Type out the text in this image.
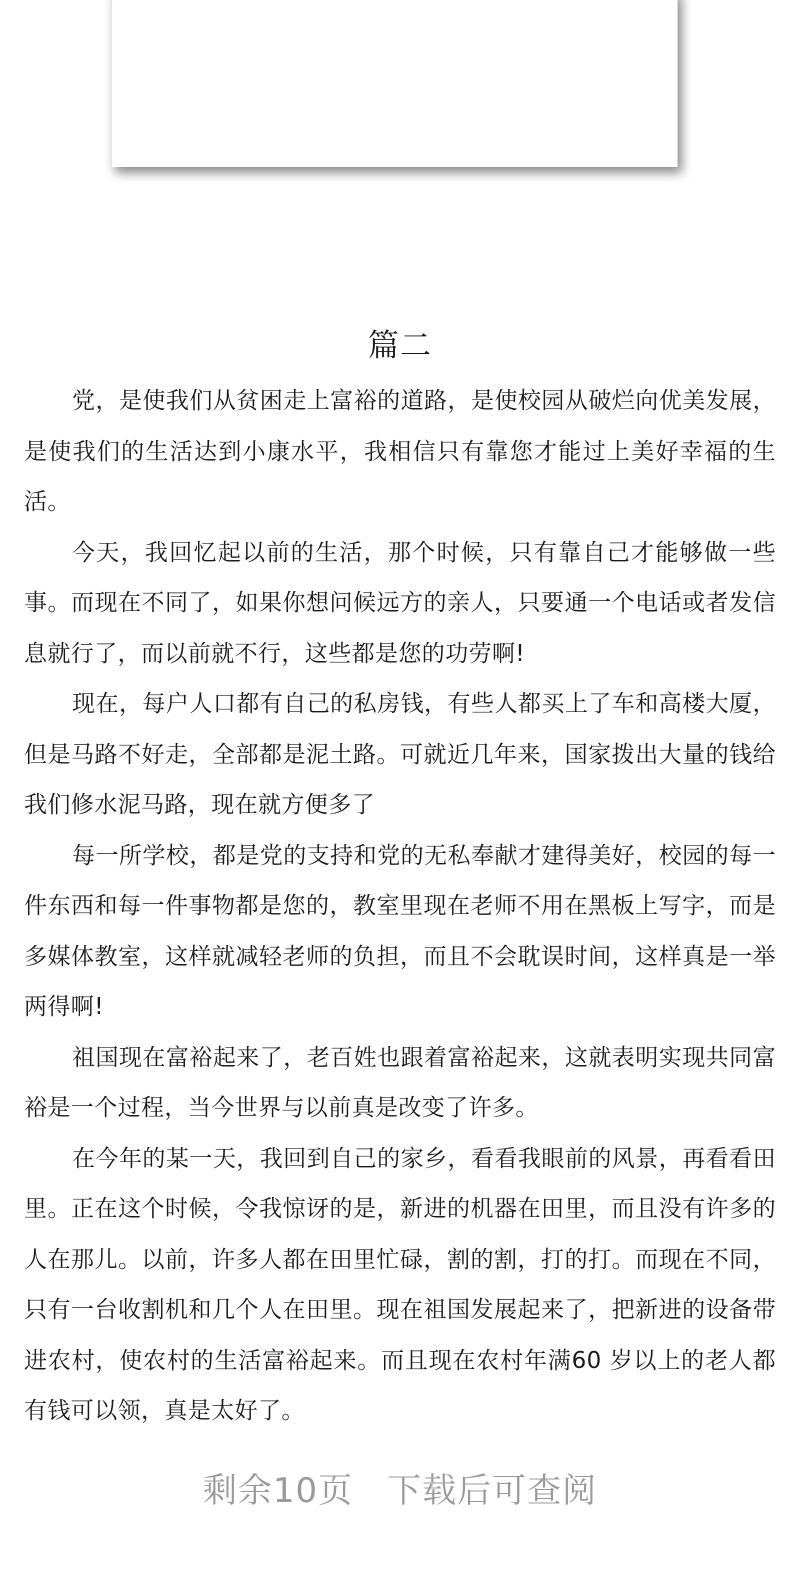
篇二

党，是使我们从贫困走上富裕的道路，是使校园从破烂向优美发展，是使我们的生活达到小康水平，我相信只有靠您才能过上美好幸福的生活。

今天，我回忆起以前的生活，那个时候，只有靠自己才能够做一些事。而现在不同了，如果你想问候远方的亲人，只要通一个电话或者发信息就行了，而以前就不行，这些都是您的功劳啊!

现在，每户人口都有自己的私房钱，有些人都买上了车和高楼大厦，但是马路不好走，全部都是泥土路。可就近几年来，国家拨出大量的钱给我们修水泥马路，现在就方便多了

每一所学校，都是党的支持和党的无私奉献才建得美好，校园的每一件东西和每一件事物都是您的，教室里现在老师不用在黑板上写字，而是多媒体教室，这样就减轻老师的负担，而且不会耽误时间，这样真是一举两得啊!

祖国现在富裕起来了，老百姓也跟着富裕起来，这就表明实现共同富裕是一个过程，当今世界与以前真是改变了许多。

在今年的某一天，我回到自己的家乡，看看我眼前的风景，再看看田里。正在这个时候，令我惊讶的是，新进的机器在田里，而且没有许多的人在那儿。以前，许多人都在田里忙碌，割的割，打的打。而现在不同，只有一台收割机和几个人在田里。现在祖国发展起来了，把新进的设备带进农村，使农村的生活富裕起来。而且现在农村年满60 岁以上的老人都有钱可以领，真是太好了。

剩余10页 下载后可查阅
